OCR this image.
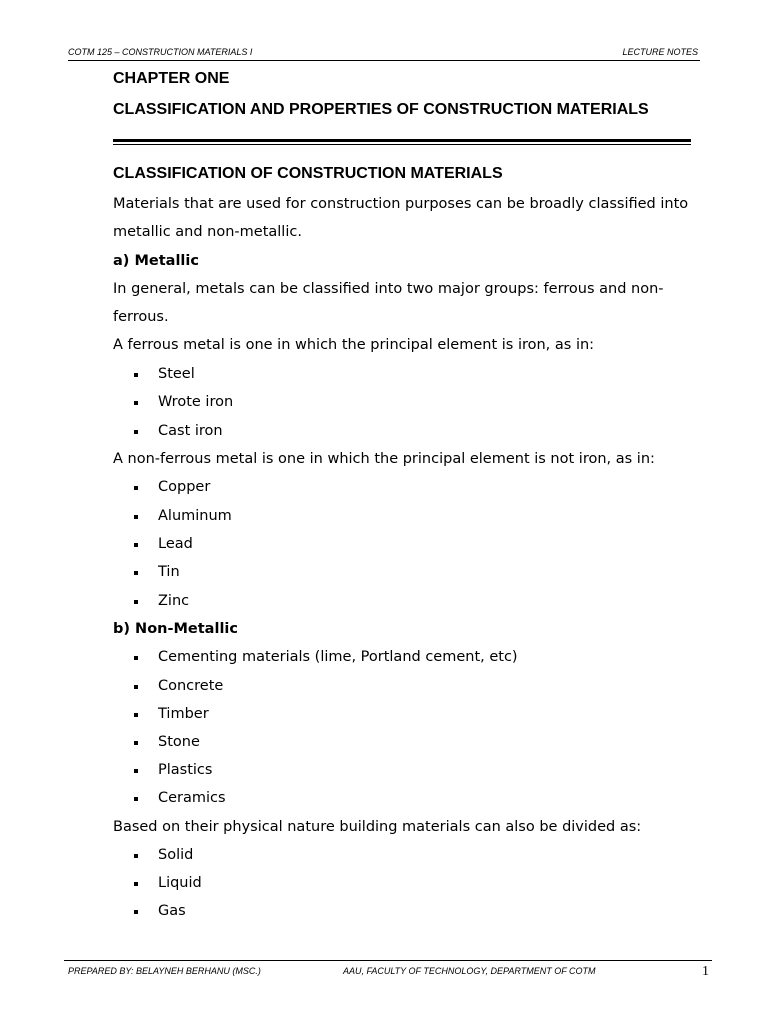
COTM 125 – CONSTRUCTION MATERIALS I	LECTURE NOTES
CHAPTER ONE
CLASSIFICATION AND PROPERTIES OF CONSTRUCTION MATERIALS
CLASSIFICATION OF CONSTRUCTION MATERIALS
Materials that are used for construction purposes can be broadly classified into
metallic and non-metallic.
a) Metallic
In general, metals can be classified into two major groups: ferrous and non-
ferrous.
A ferrous metal is one in which the principal element is iron, as in:
Steel
Wrote iron
Cast iron
A non-ferrous metal is one in which the principal element is not iron, as in:
Copper
Aluminum
Lead
Tin
Zinc
b) Non-Metallic
Cementing materials (lime, Portland cement, etc)
Concrete
Timber
Stone
Plastics
Ceramics
Based on their physical nature building materials can also be divided as:
Solid
Liquid
Gas
PREPARED BY: BELAYNEH BERHANU (MSC.)	AAU, FACULTY OF TECHNOLOGY, DEPARTMENT OF COTM	1
